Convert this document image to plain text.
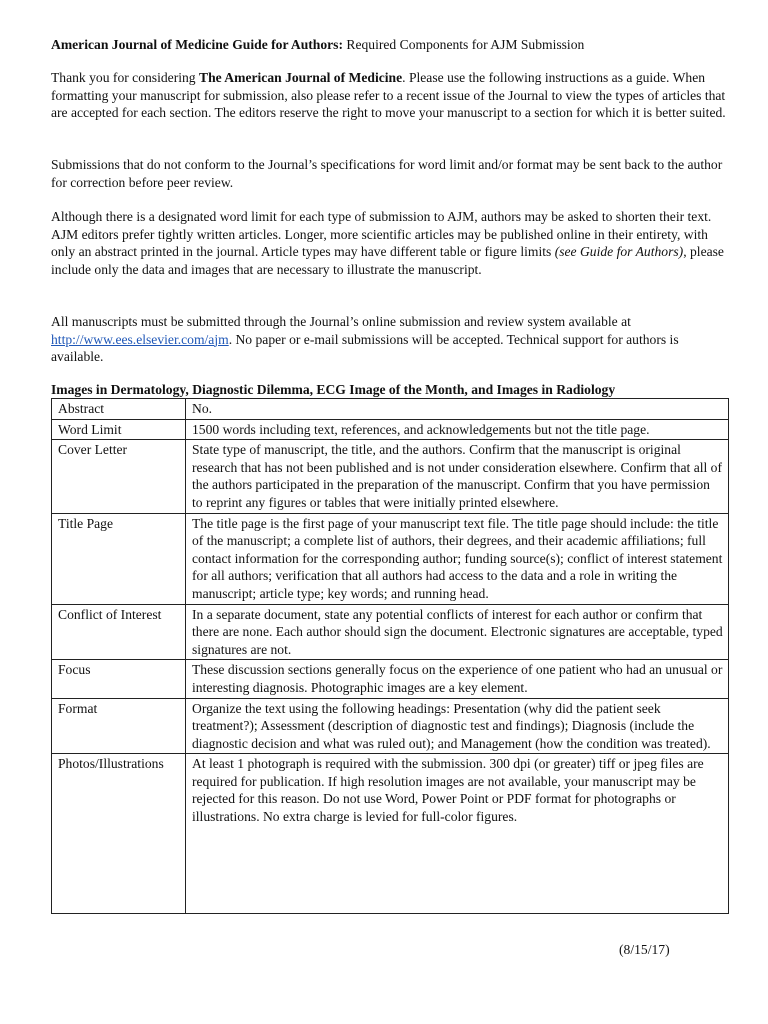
American Journal of Medicine Guide for Authors: Required Components for AJM Submission

Thank you for considering The American Journal of Medicine. Please use the following instructions as a guide. When formatting your manuscript for submission, also please refer to a recent issue of the Journal to view the types of articles that are accepted for each section. The editors reserve the right to move your manuscript to a section for which it is better suited.

Submissions that do not conform to the Journal’s specifications for word limit and/or format may be sent back to the author for correction before peer review.

Although there is a designated word limit for each type of submission to AJM, authors may be asked to shorten their text. AJM editors prefer tightly written articles. Longer, more scientific articles may be published online in their entirety, with only an abstract printed in the journal. Article types may have different table or figure limits (see Guide for Authors), please include only the data and images that are necessary to illustrate the manuscript.

All manuscripts must be submitted through the Journal’s online submission and review system available at http://www.ees.elsevier.com/ajm. No paper or e-mail submissions will be accepted. Technical support for authors is available.

Images in Dermatology, Diagnostic Dilemma, ECG Image of the Month, and Images in Radiology
Abstract	No.
Word Limit	1500 words including text, references, and acknowledgements but not the title page.
Cover Letter	State type of manuscript, the title, and the authors. Confirm that the manuscript is original research that has not been published and is not under consideration elsewhere. Confirm that all of the authors participated in the preparation of the manuscript. Confirm that you have permission to reprint any figures or tables that were initially printed elsewhere.
Title Page	The title page is the first page of your manuscript text file. The title page should include: the title of the manuscript; a complete list of authors, their degrees, and their academic affiliations; full contact information for the corresponding author; funding source(s); conflict of interest statement for all authors; verification that all authors had access to the data and a role in writing the manuscript; article type; key words; and running head.
Conflict of Interest	In a separate document, state any potential conflicts of interest for each author or confirm that there are none. Each author should sign the document. Electronic signatures are acceptable, typed signatures are not.
Focus	These discussion sections generally focus on the experience of one patient who had an unusual or interesting diagnosis. Photographic images are a key element.
Format	Organize the text using the following headings: Presentation (why did the patient seek treatment?); Assessment (description of diagnostic test and findings); Diagnosis (include the diagnostic decision and what was ruled out); and Management (how the condition was treated).
Photos/Illustrations	At least 1 photograph is required with the submission. 300 dpi (or greater) tiff or jpeg files are required for publication. If high resolution images are not available, your manuscript may be rejected for this reason. Do not use Word, Power Point or PDF format for photographs or illustrations. No extra charge is levied for full-color figures.
(8/15/17)
